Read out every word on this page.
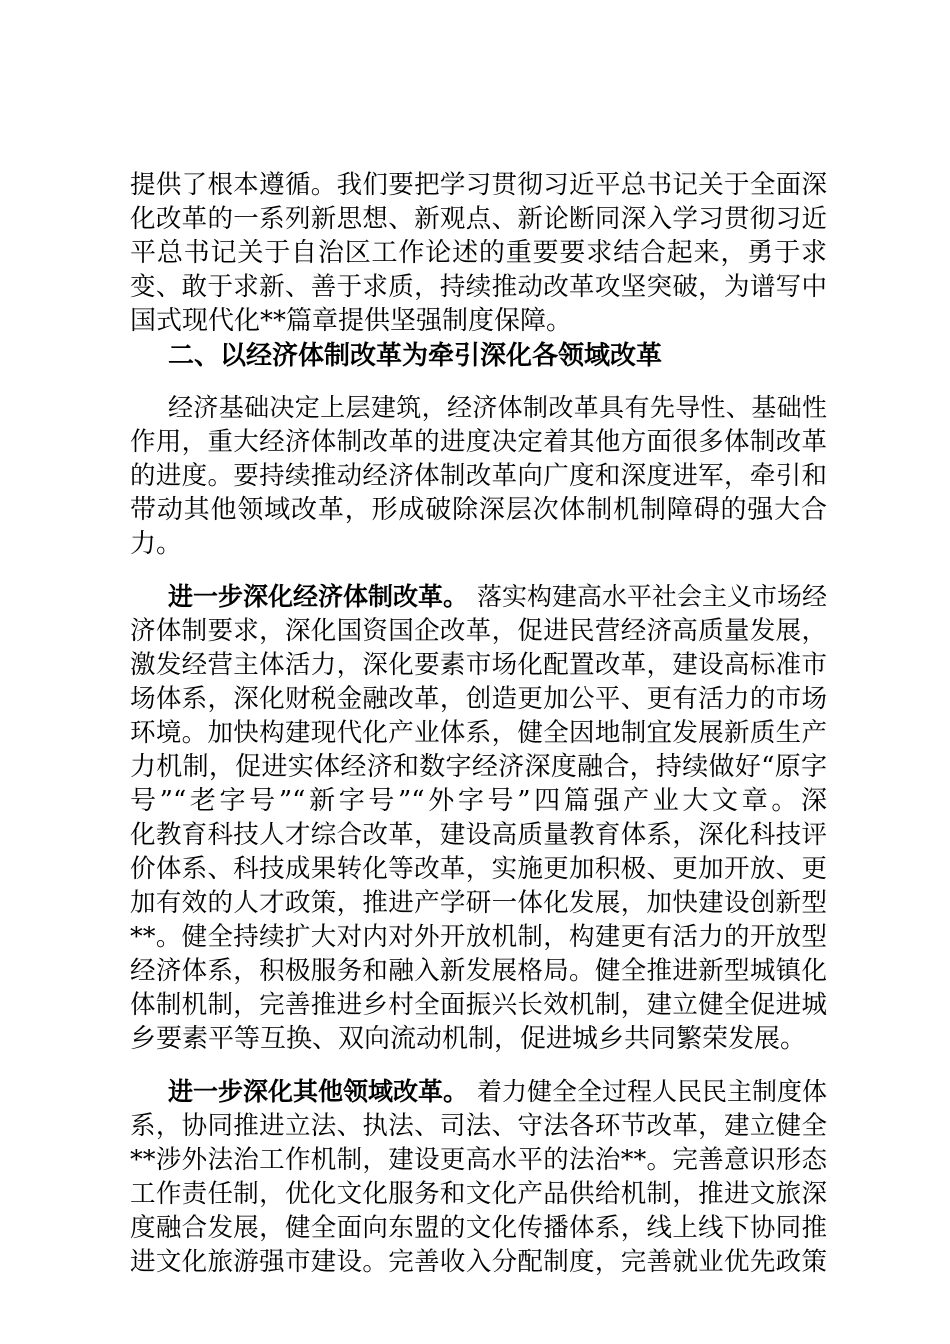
提供了根本遵循。我们要把学习贯彻习近平总书记关于全面深
化改革的一系列新思想、新观点、新论断同深入学习贯彻习近
平总书记关于自治区工作论述的重要要求结合起来，勇于求
变、敢于求新、善于求质，持续推动改革攻坚突破，为谱写中
国式现代化**篇章提供坚强制度保障。
二、以经济体制改革为牵引深化各领域改革
经济基础决定上层建筑，经济体制改革具有先导性、基础性
作用，重大经济体制改革的进度决定着其他方面很多体制改革
的进度。要持续推动经济体制改革向广度和深度进军，牵引和
带动其他领域改革，形成破除深层次体制机制障碍的强大合
力。
进一步深化经济体制改革。 落实构建高水平社会主义市场经
济体制要求，深化国资国企改革，促进民营经济高质量发展，
激发经营主体活力，深化要素市场化配置改革，建设高标准市
场体系，深化财税金融改革，创造更加公平、更有活力的市场
环境。加快构建现代化产业体系，健全因地制宜发展新质生产
力机制，促进实体经济和数字经济深度融合，持续做好“原字
号”“老字号”“新字号”“外字号”四篇强产业大文章。深
化教育科技人才综合改革，建设高质量教育体系，深化科技评
价体系、科技成果转化等改革，实施更加积极、更加开放、更
加有效的人才政策，推进产学研一体化发展，加快建设创新型
**。健全持续扩大对内对外开放机制，构建更有活力的开放型
经济体系，积极服务和融入新发展格局。健全推进新型城镇化
体制机制，完善推进乡村全面振兴长效机制，建立健全促进城
乡要素平等互换、双向流动机制，促进城乡共同繁荣发展。
进一步深化其他领域改革。 着力健全全过程人民民主制度体
系，协同推进立法、执法、司法、守法各环节改革，建立健全
**涉外法治工作机制，建设更高水平的法治**。完善意识形态
工作责任制，优化文化服务和文化产品供给机制，推进文旅深
度融合发展，健全面向东盟的文化传播体系，线上线下协同推
进文化旅游强市建设。完善收入分配制度，完善就业优先政策
